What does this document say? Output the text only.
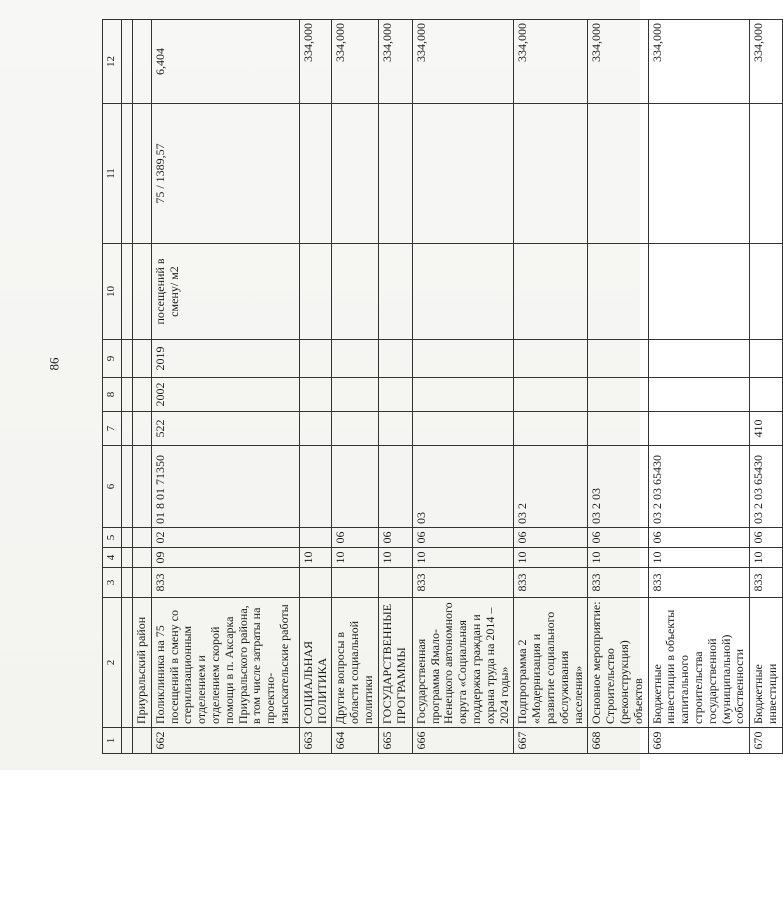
86
1	2	3	4	5	6	7	8	9	10	11	12

	Приуральский район										
662	Поликлиника на 75 посещений в смену со стерилизационным отделением и отделением скорой помощи в п. Аксарка Приуральского района, в том числе затраты на проектно-изыскательские работы	833	09	02	01 8 01 71350	522	2002	2019	посещений в смену/ м2	75 / 1389,57	6,404
663	СОЦИАЛЬНАЯ ПОЛИТИКА		10								334,000
664	Другие вопросы в области социальной политики		10	06							334,000
665	ГОСУДАРСТВЕННЫЕ ПРОГРАММЫ		10	06							334,000
666	Государственная программа Ямало-Ненецкого автономного округа «Социальная поддержка граждан и охрана труда на 2014 – 2024 годы»	833	10	06	03						334,000
667	Подпрограмма 2 «Модернизация и развитие социального обслуживания населения»	833	10	06	03 2						334,000
668	Основное мероприятие: Строительство (реконструкция) объектов	833	10	06	03 2 03						334,000
669	Бюджетные инвестиции в объекты капитального строительства государственной (муниципальной) собственности	833	10	06	03 2 03 65430						334,000
670	Бюджетные инвестиции	833	10	06	03 2 03 65430	410					334,000
